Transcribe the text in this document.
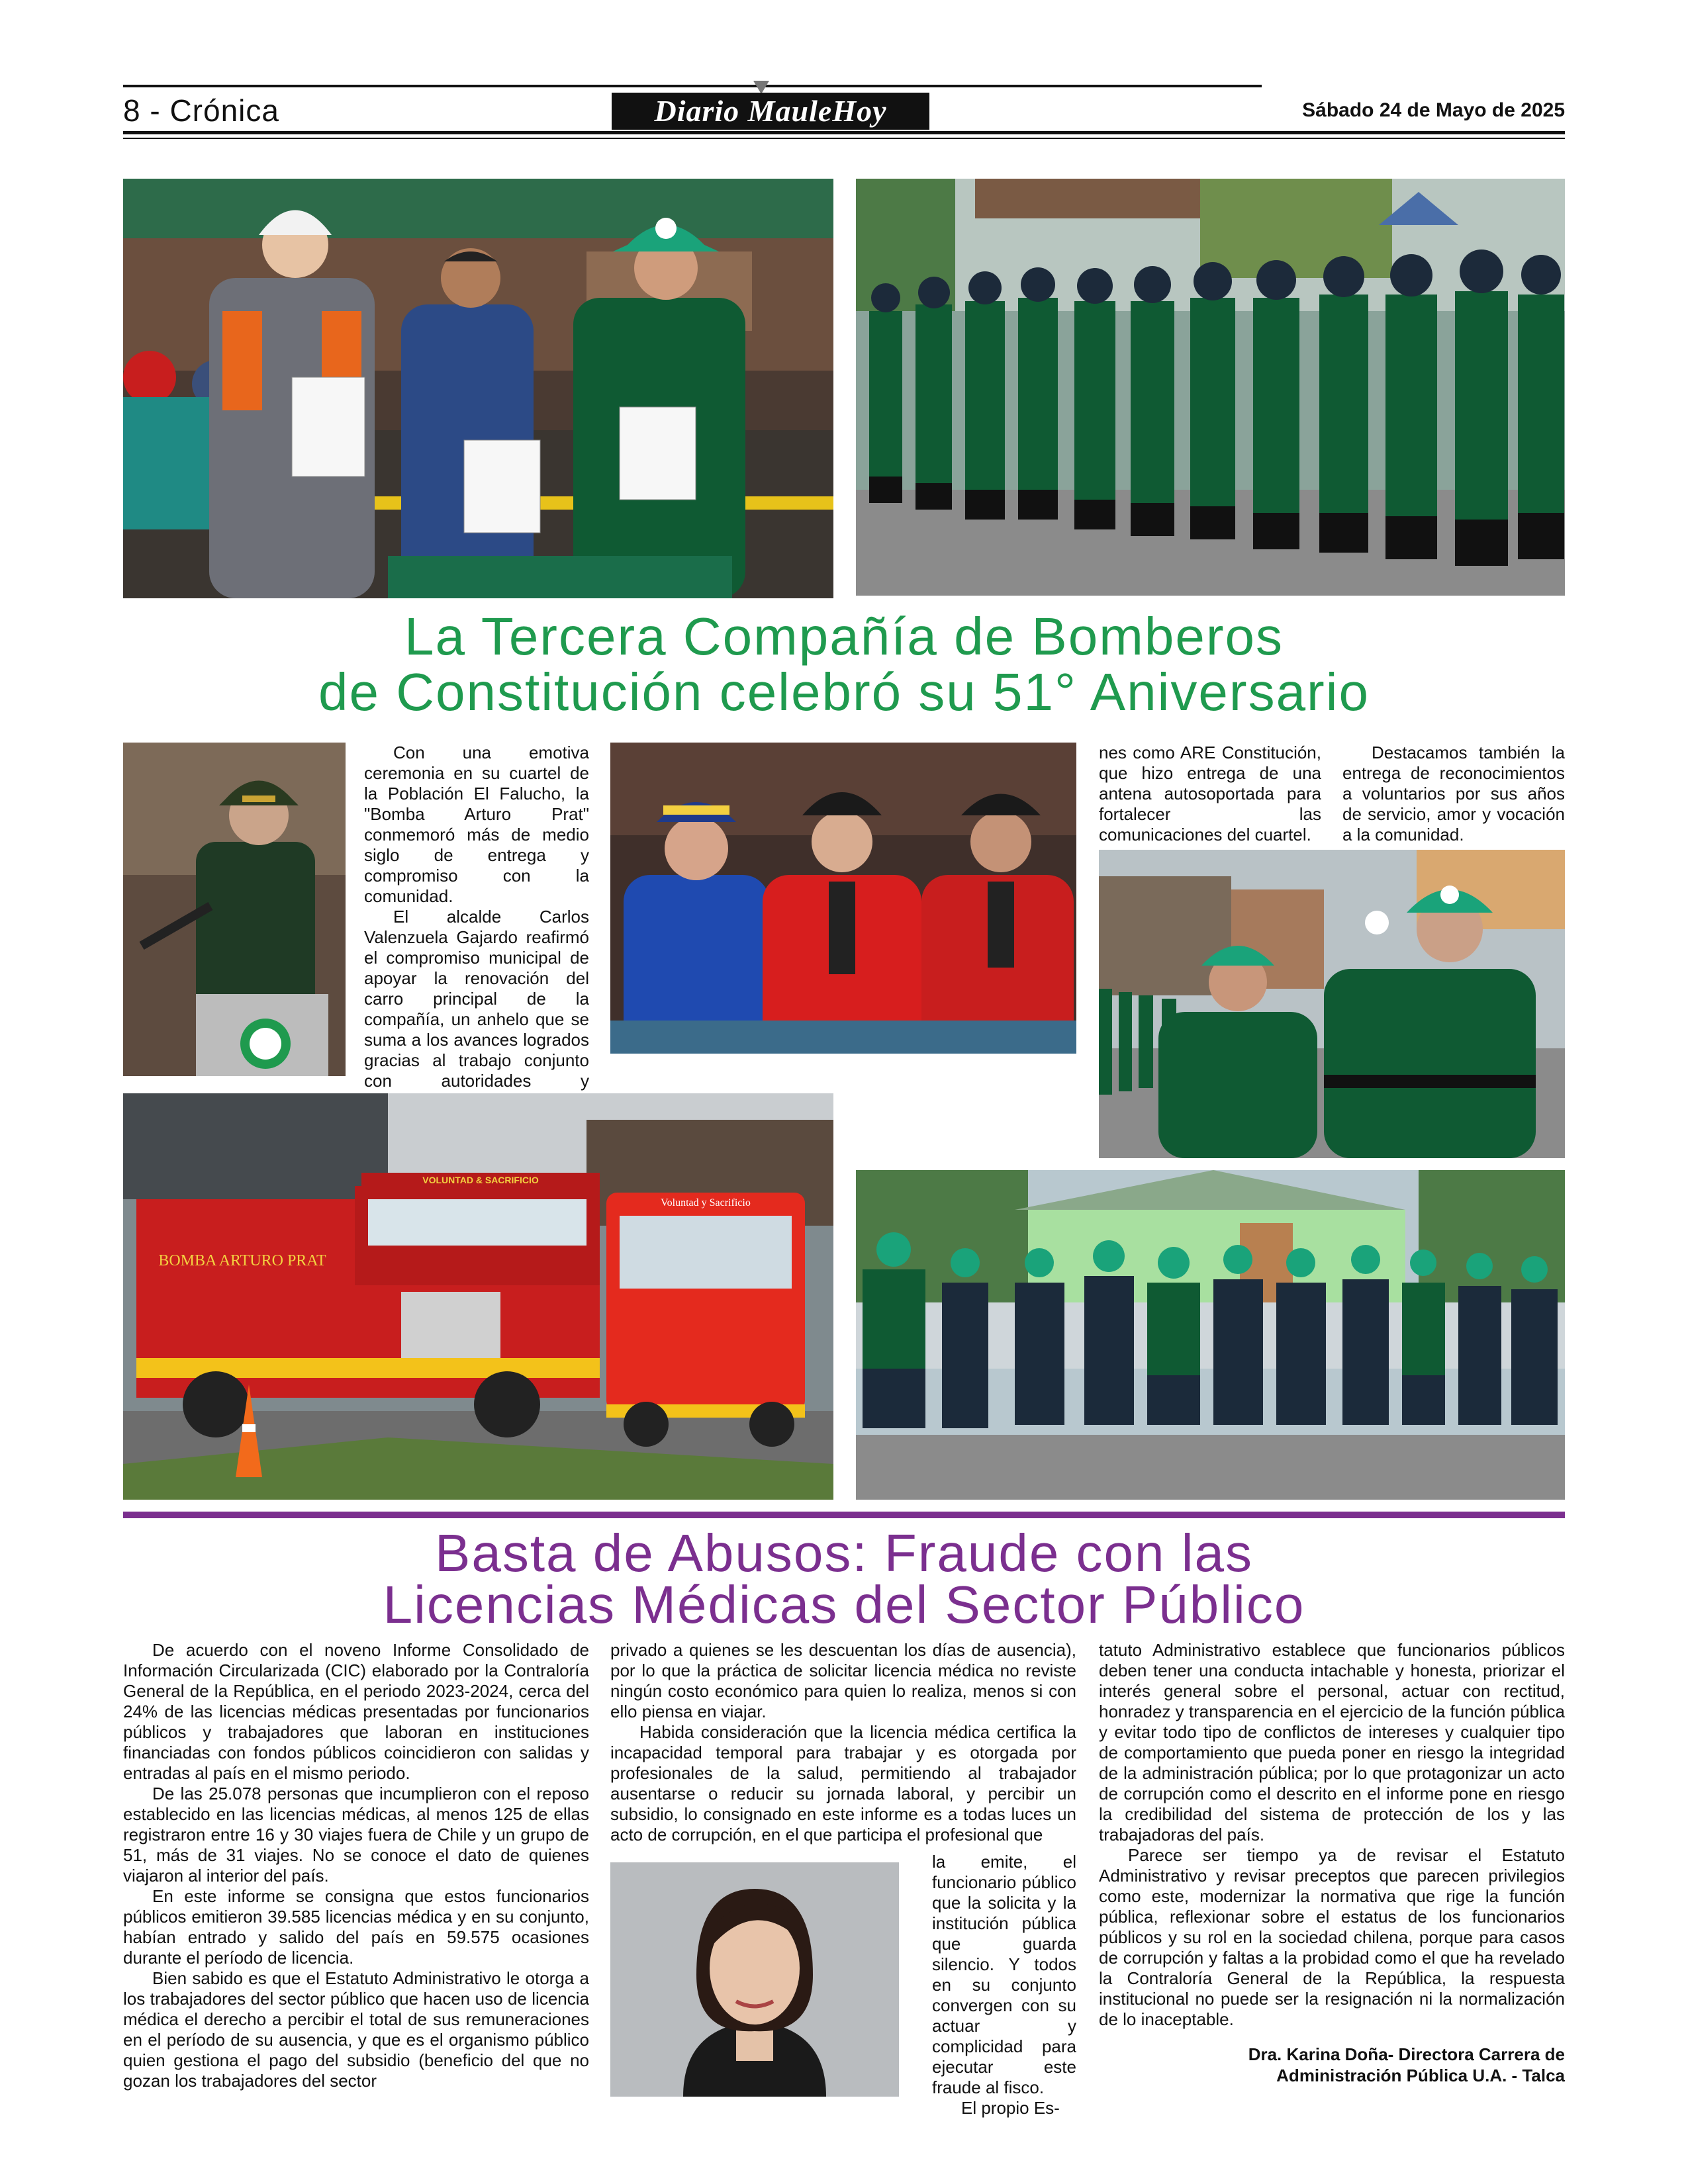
8 - Crónica	Diario MauleHoy	Sábado 24 de Mayo de 2025
La Tercera Compañía de Bomberos
de Constitución celebró su 51° Aniversario

Con una emotiva ceremonia en su cuartel de la Población El Falucho, la "Bomba Arturo Prat" conmemoró más de medio siglo de entrega y compromiso con la comunidad.

El alcalde Carlos Valenzuela Gajardo reafirmó el compromiso municipal de apoyar la renovación del carro principal de la compañía, un anhelo que se suma a los avances logrados gracias al trabajo conjunto con autoridades y

nes como ARE Constitución, que hizo entrega de una antena autosoportada para fortalecer las comunicaciones del cuartel.

Destacamos también la entrega de reconocimientos a voluntarios por sus años de servicio, amor y vocación a la comunidad.

VOLUNTAD & SACRIFICIO
BOMBA ARTURO PRAT
Voluntad y Sacrificio
Basta de Abusos: Fraude con las
Licencias Médicas del Sector Público

De acuerdo con el noveno Informe Consolidado de Información Circularizada (CIC) elaborado por la Contraloría General de la República, en el periodo 2023-2024, cerca del 24% de las licencias médicas presentadas por funcionarios públicos y trabajadores que laboran en instituciones financiadas con fondos públicos coincidieron con salidas y entradas al país en el mismo periodo.

De las 25.078 personas que incumplieron con el reposo establecido en las licencias médicas, al menos 125 de ellas registraron entre 16 y 30 viajes fuera de Chile y un grupo de 51, más de 31 viajes. No se conoce el dato de quienes viajaron al interior del país.

En este informe se consigna que estos funcionarios públicos emitieron 39.585 licencias médica y en su conjunto, habían entrado y salido del país en 59.575 ocasiones durante el período de licencia.

Bien sabido es que el Estatuto Administrativo le otorga a los trabajadores del sector público que hacen uso de licencia médica el derecho a percibir el total de sus remuneraciones en el período de su ausencia, y que es el organismo público quien gestiona el pago del subsidio (beneficio del que no gozan los trabajadores del sector

privado a quienes se les descuentan los días de ausencia), por lo que la práctica de solicitar licencia médica no reviste ningún costo económico para quien lo realiza, menos si con ello piensa en viajar.

Habida consideración que la licencia médica certifica la incapacidad temporal para trabajar y es otorgada por profesionales de la salud, permitiendo al trabajador ausentarse o reducir su jornada laboral, y percibir un subsidio, lo consignado en este informe es a todas luces un acto de corrupción, en el que participa el profesional que

la emite, el funcionario público que la solicita y la institución pública que guarda silencio. Y todos en su conjunto convergen con su actuar y complicidad para ejecutar este fraude al fisco.

El propio Es-

tatuto Administrativo establece que funcionarios públicos deben tener una conducta intachable y honesta, priorizar el interés general sobre el personal, actuar con rectitud, honradez y transparencia en el ejercicio de la función pública y evitar todo tipo de conflictos de intereses y cualquier tipo de comportamiento que pueda poner en riesgo la integridad de la administración pública; por lo que protagonizar un acto de corrupción como el descrito en el informe pone en riesgo la credibilidad del sistema de protección de los y las trabajadoras del país.

Parece ser tiempo ya de revisar el Estatuto Administrativo y revisar preceptos que parecen privilegios como este, modernizar la normativa que rige la función pública, reflexionar sobre el estatus de los funcionarios públicos y su rol en la sociedad chilena, porque para casos de corrupción y faltas a la probidad como el que ha revelado la Contraloría General de la República, la respuesta institucional no puede ser la resignación ni la normalización de lo inaceptable.

Dra. Karina Doña- Directora Carrera de
Administración Pública U.A. - Talca
